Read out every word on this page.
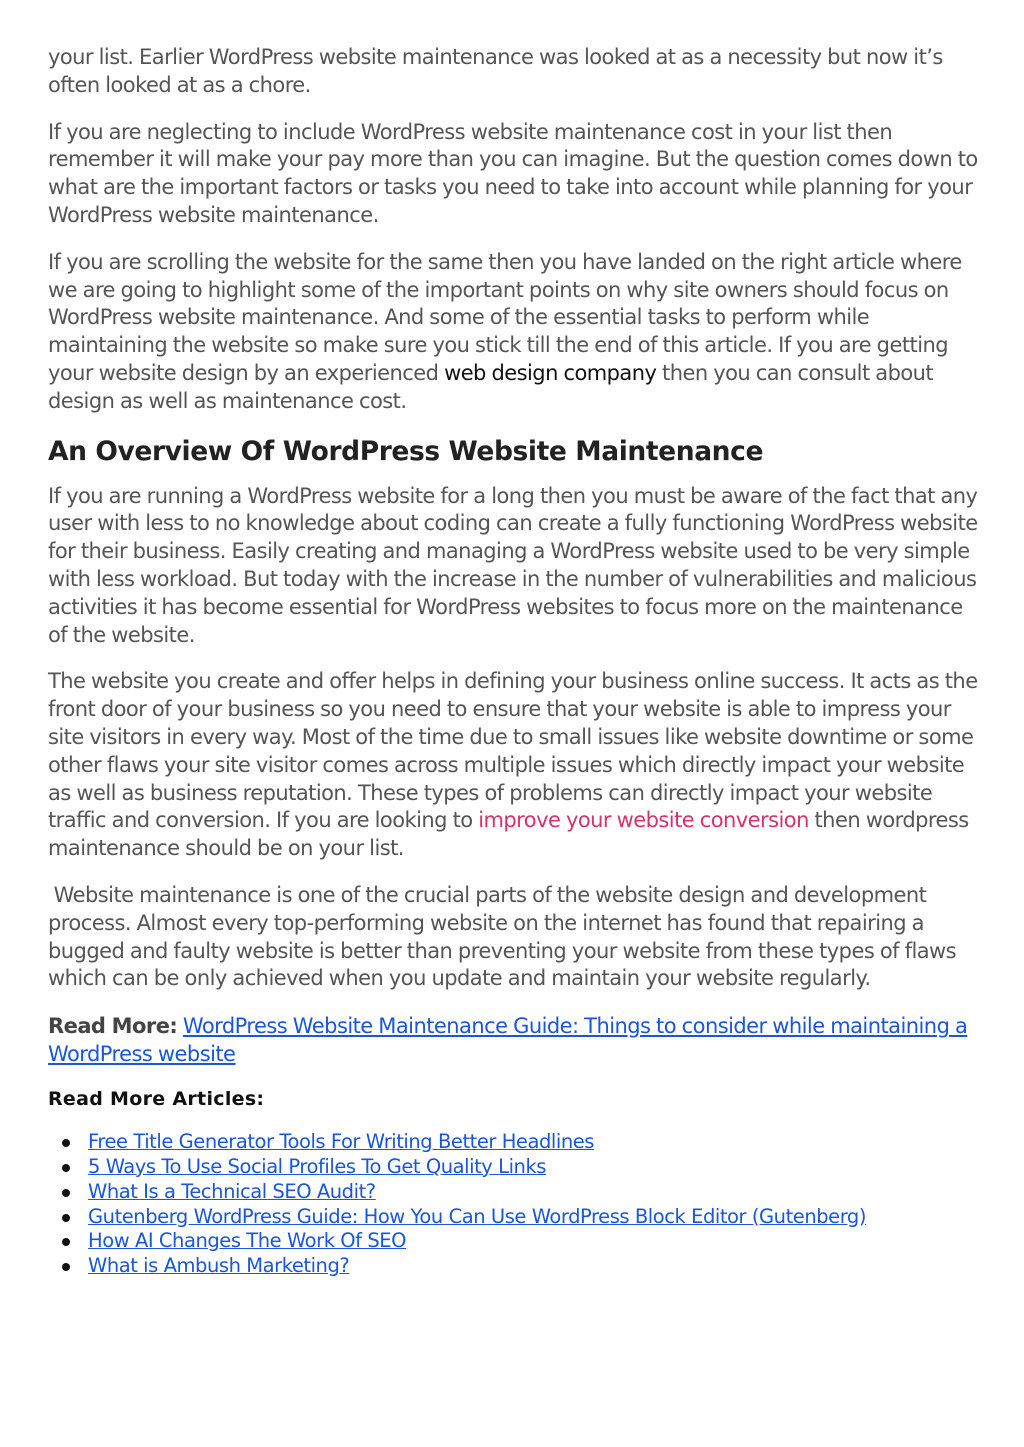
your list. Earlier WordPress website maintenance was looked at as a necessity but now it’s often looked at as a chore.

If you are neglecting to include WordPress website maintenance cost in your list then remember it will make your pay more than you can imagine. But the question comes down to what are the important factors or tasks you need to take into account while planning for your WordPress website maintenance.

If you are scrolling the website for the same then you have landed on the right article where we are going to highlight some of the important points on why site owners should focus on WordPress website maintenance. And some of the essential tasks to perform while maintaining the website so make sure you stick till the end of this article. If you are getting your website design by an experienced web design company then you can consult about design as well as maintenance cost.

An Overview Of WordPress Website Maintenance

If you are running a WordPress website for a long then you must be aware of the fact that any user with less to no knowledge about coding can create a fully functioning WordPress website for their business. Easily creating and managing a WordPress website used to be very simple with less workload. But today with the increase in the number of vulnerabilities and malicious activities it has become essential for WordPress websites to focus more on the maintenance of the website.

The website you create and offer helps in defining your business online success. It acts as the front door of your business so you need to ensure that your website is able to impress your site visitors in every way. Most of the time due to small issues like website downtime or some other flaws your site visitor comes across multiple issues which directly impact your website as well as business reputation. These types of problems can directly impact your website traffic and conversion. If you are looking to improve your website conversion then wordpress maintenance should be on your list.

Website maintenance is one of the crucial parts of the website design and development process. Almost every top-performing website on the internet has found that repairing a bugged and faulty website is better than preventing your website from these types of flaws which can be only achieved when you update and maintain your website regularly.

Read More: WordPress Website Maintenance Guide: Things to consider while maintaining a WordPress website
Read More Articles:
Free Title Generator Tools For Writing Better Headlines
5 Ways To Use Social Profiles To Get Quality Links
What Is a Technical SEO Audit?
Gutenberg WordPress Guide: How You Can Use WordPress Block Editor (Gutenberg)
How AI Changes The Work Of SEO
What is Ambush Marketing?
